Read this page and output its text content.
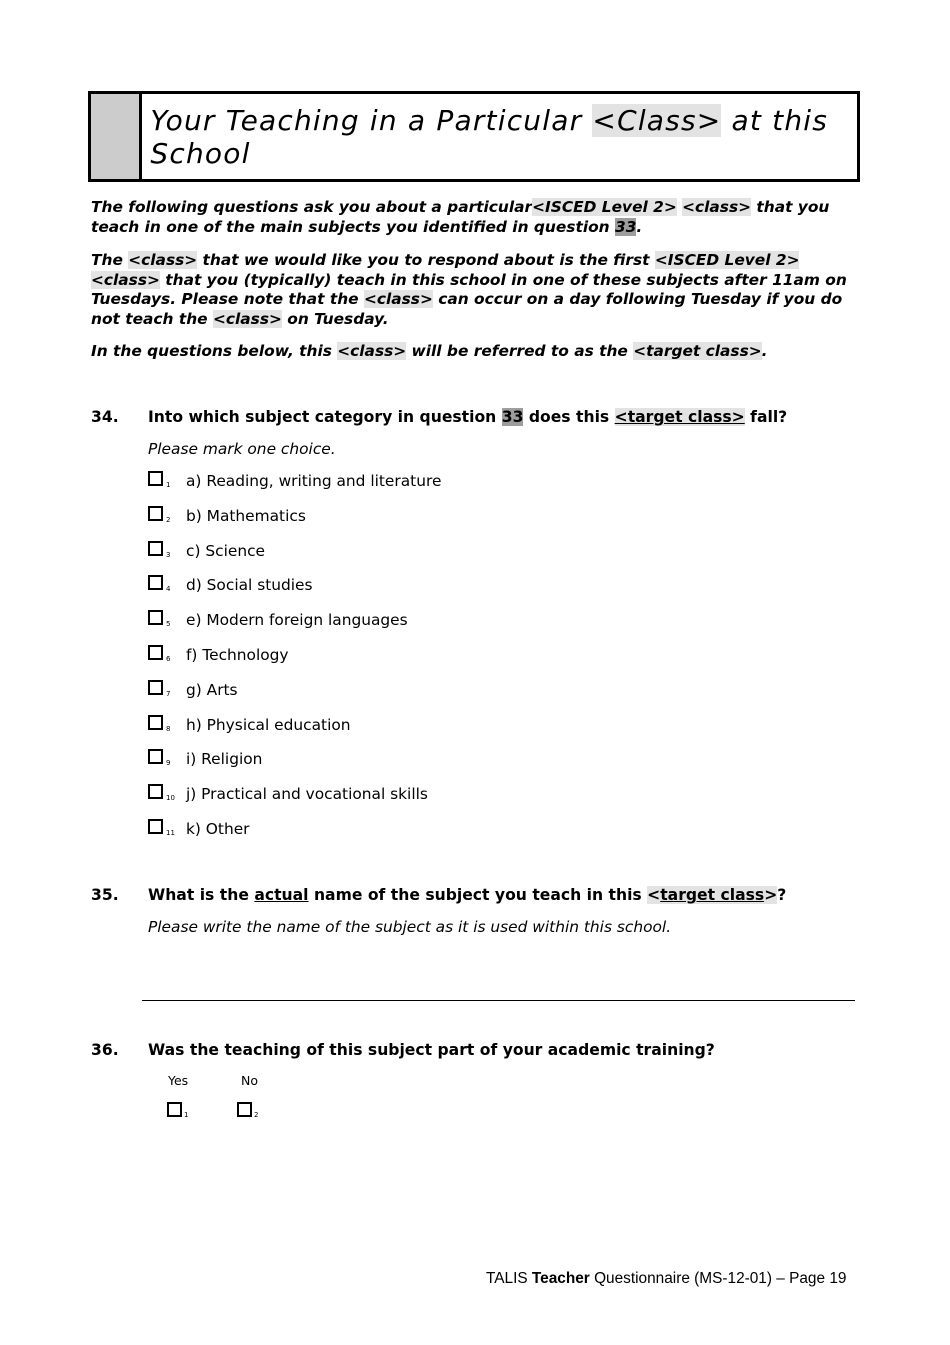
Your Teaching in a Particular <Class> at this School

The following questions ask you about a particular<ISCED Level 2> <class> that you teach in one of the main subjects you identified in question 33.

The <class> that we would like you to respond about is the first <ISCED Level 2> <class> that you (typically) teach in this school in one of these subjects after 11am on Tuesdays. Please note that the <class> can occur on a day following Tuesday if you do not teach the <class> on Tuesday.

In the questions below, this <class> will be referred to as the <target class>.

34. Into which subject category in question 33 does this <target class> fall?
Please mark one choice.
1	a) Reading, writing and literature
2	b) Mathematics
3	c) Science
4	d) Social studies
5	e) Modern foreign languages
6	f) Technology
7	g) Arts
8	h) Physical education
9	i) Religion
10 j) Practical and vocational skills
11 k) Other
35. What is the actual name of the subject you teach in this <target class>?
Please write the name of the subject as it is used within this school.
36. Was the teaching of this subject part of your academic training?
Yes	No
1	2
TALIS Teacher Questionnaire (MS-12-01) – Page 19
